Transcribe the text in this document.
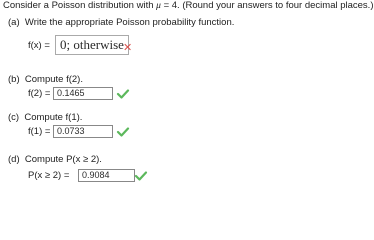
Consider a Poisson distribution with μ = 4. (Round your answers to four decimal places.)
(a) Write the appropriate Poisson probability function.
f(x) = 0; otherwise ✕
(b) Compute f(2).
f(2) = 0.1465
(c) Compute f(1).
f(1) = 0.0733
(d) Compute P(x ≥ 2).
P(x ≥ 2) =	0.9084
